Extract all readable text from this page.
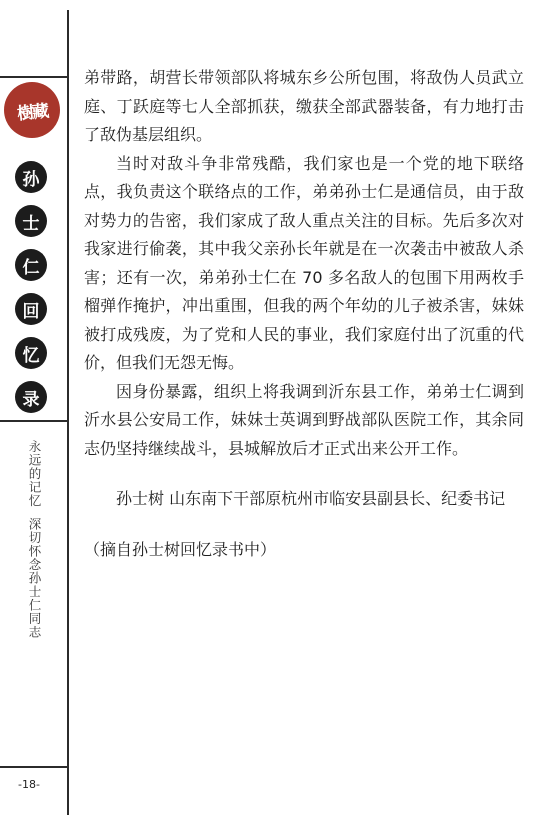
樹藏
孙
士
仁
回
忆
录
永远的记忆深切怀念孙士仁同志
-18-

弟带路，胡营长带领部队将城东乡公所包围，将敌伪人员武立庭、丁跃庭等七人全部抓获，缴获全部武器装备，有力地打击了敌伪基层组织。

当时对敌斗争非常残酷，我们家也是一个党的地下联络点，我负责这个联络点的工作，弟弟孙士仁是通信员，由于敌对势力的告密，我们家成了敌人重点关注的目标。先后多次对我家进行偷袭，其中我父亲孙长年就是在一次袭击中被敌人杀害；还有一次，弟弟孙士仁在 70 多名敌人的包围下用两枚手榴弹作掩护，冲出重围，但我的两个年幼的儿子被杀害，妹妹被打成残废，为了党和人民的事业，我们家庭付出了沉重的代价，但我们无怨无悔。

因身份暴露，组织上将我调到沂东县工作，弟弟士仁调到沂水县公安局工作，妹妹士英调到野战部队医院工作，其余同志仍坚持继续战斗，县城解放后才正式出来公开工作。

孙士树 山东南下干部原杭州市临安县副县长、纪委书记

（摘自孙士树回忆录书中）
